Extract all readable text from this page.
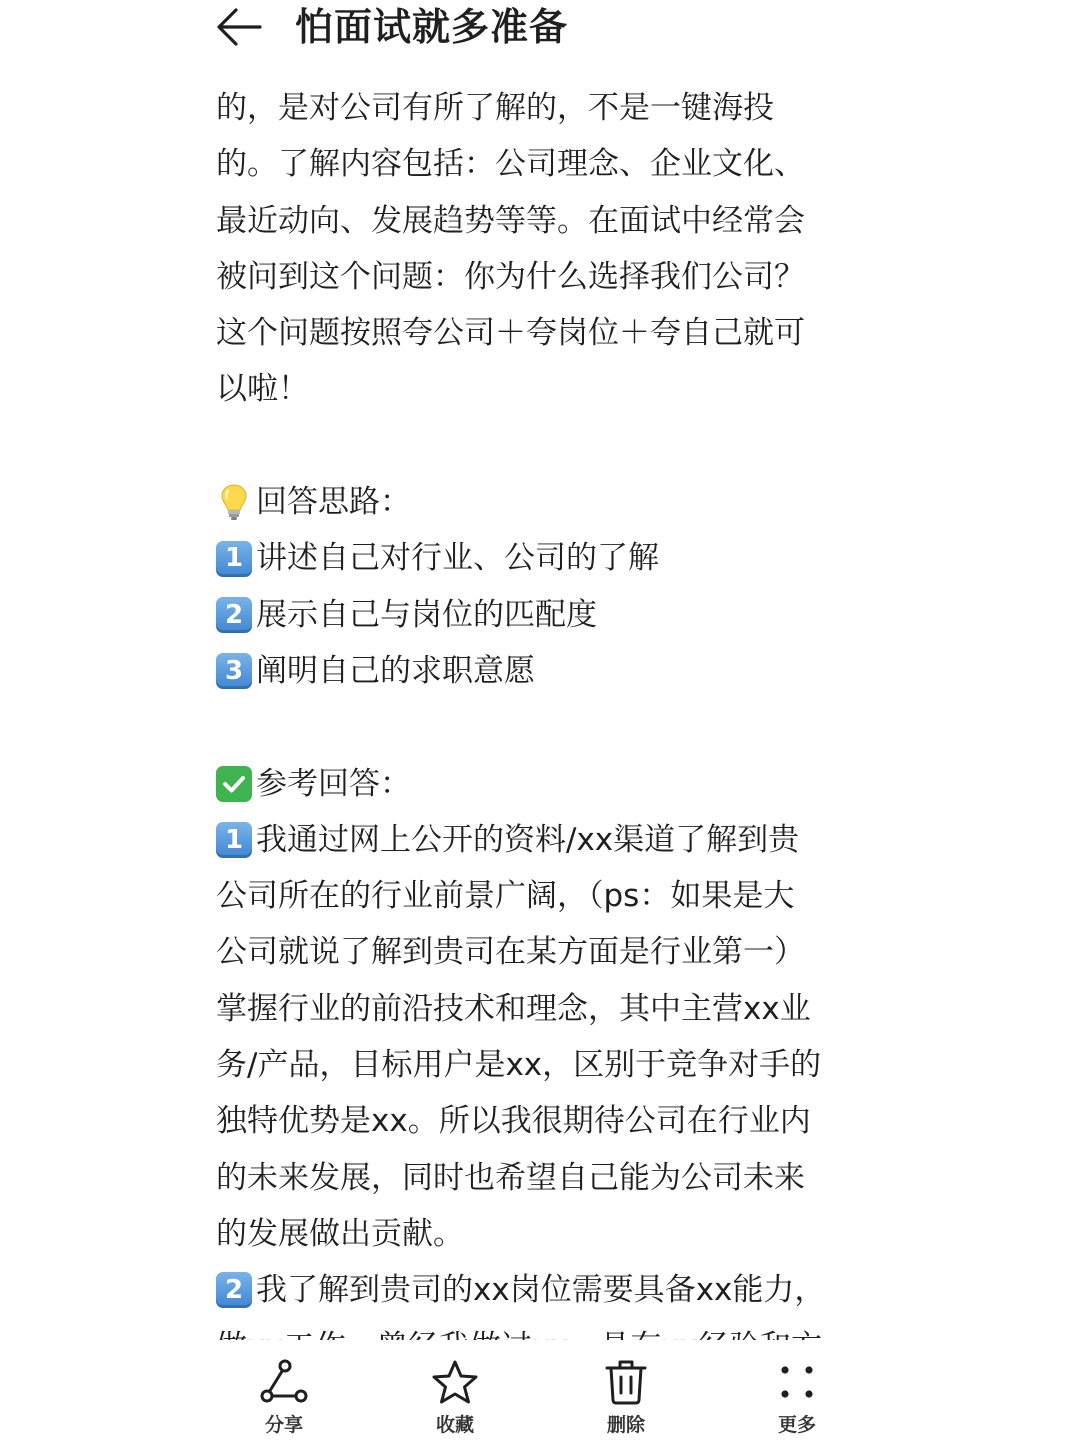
怕面试就多准备
的，是对公司有所了解的，不是一键海投
的。了解内容包括：公司理念、企业文化、
最近动向、发展趋势等等。在面试中经常会
被问到这个问题：你为什么选择我们公司？
这个问题按照夸公司＋夸岗位＋夸自己就可
以啦！
回答思路：
1 讲述自己对行业、公司的了解
2 展示自己与岗位的匹配度
3 阐明自己的求职意愿
参考回答：
1 我通过网上公开的资料/xx渠道了解到贵
公司所在的行业前景广阔，（ps：如果是大
公司就说了解到贵司在某方面是行业第一）
掌握行业的前沿技术和理念，其中主营xx业
务/产品，目标用户是xx，区别于竞争对手的
独特优势是xx。所以我很期待公司在行业内
的未来发展，同时也希望自己能为公司未来
的发展做出贡献。
2 我了解到贵司的xx岗位需要具备xx能力，
分享	收藏	删除	更多
